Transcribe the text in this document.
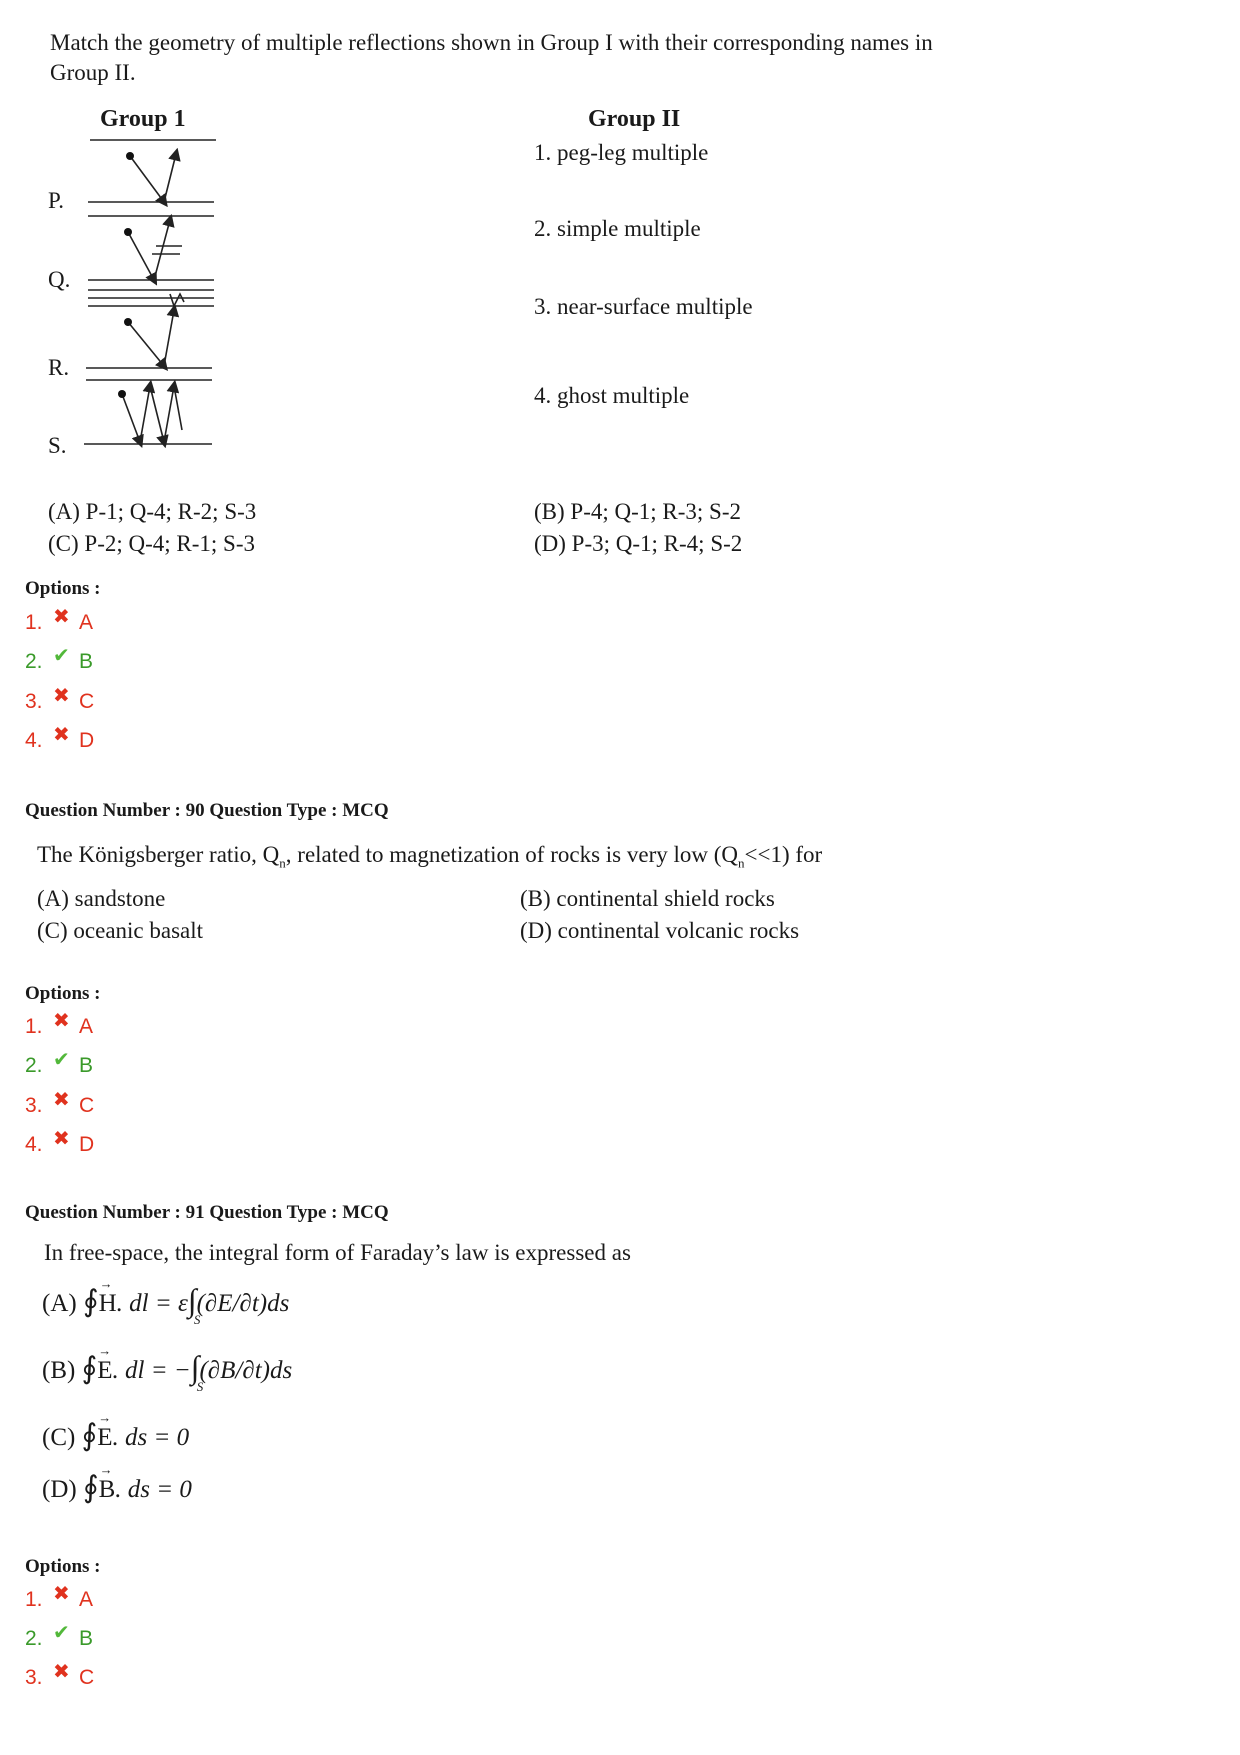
Match the geometry of multiple reflections shown in Group I with their corresponding names in
Group II.
Group 1	Group II
P.
Q.
R.
S.
1. peg-leg multiple
2. simple multiple
3. near-surface multiple
4. ghost multiple
(A) P-1; Q-4; R-2; S-3	(B) P-4; Q-1; R-3; S-2
(C) P-2; Q-4; R-1; S-3	(D) P-3; Q-1; R-4; S-2
Options :
1. ✖ A
2. ✔ B
3. ✖ C
4. ✖ D
Question Number : 90 Question Type : MCQ
The Königsberger ratio, $Q_n$, related to magnetization of rocks is very low $(Q_n<<1)$ for
(A) sandstone	(B) continental shield rocks
(C) oceanic basalt	(D) continental volcanic rocks
Options :
1. ✖ A
2. ✔ B
3. ✖ C
4. ✖ D
Question Number : 91 Question Type : MCQ
In free-space, the integral form of Faraday’s law is expressed as
(A) ∮→ H. dl = ε∫
S
(∂E/∂t)ds
(B) ∮→ E. dl = −∫
S
(∂B/∂t)ds
(C) ∮→ E. ds = 0
(D) ∮→ B. ds = 0
Options :
1. ✖ A
2. ✔ B
3. ✖ C
